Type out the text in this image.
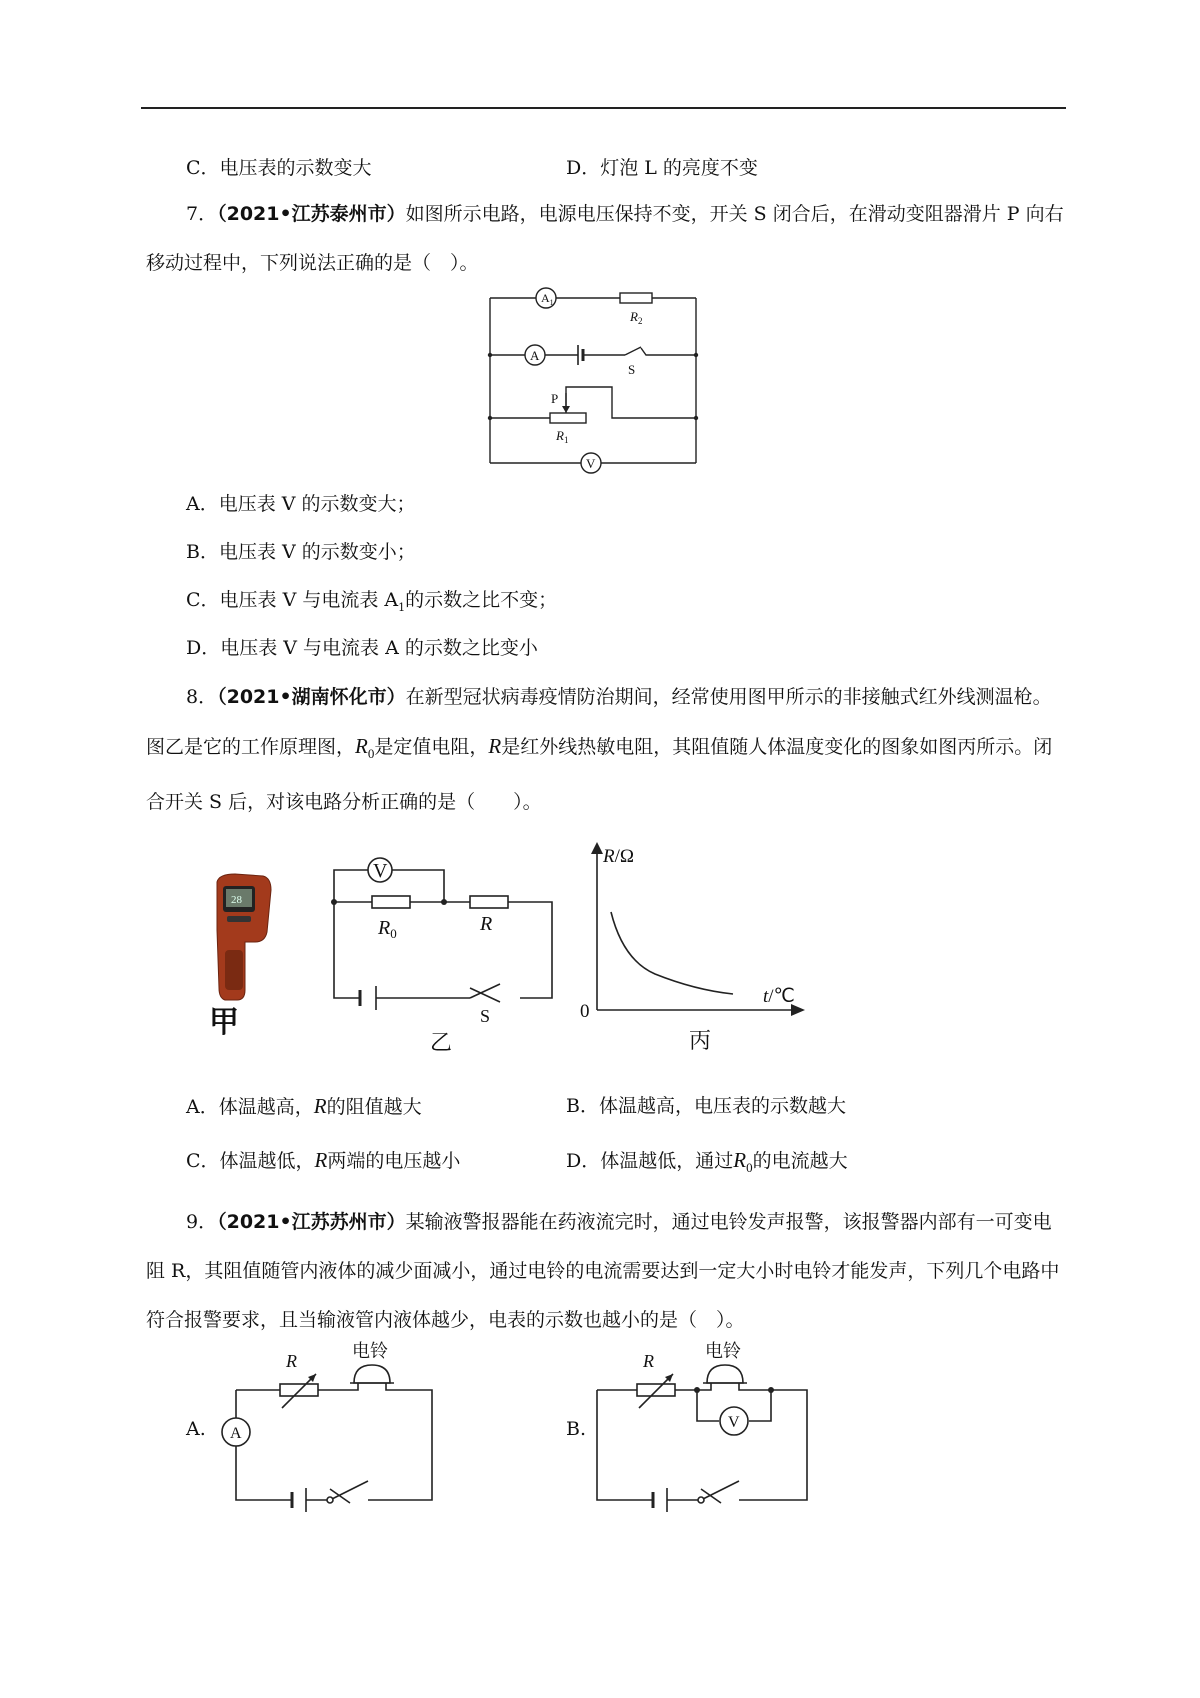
C．电压表的示数变大	D．灯泡 L 的亮度不变
7．（2021•江苏泰州市）如图所示电路，电源电压保持不变，开关 S 闭合后，在滑动变阻器滑片 P 向右移动过程中，下列说法正确的是（　）。
$A_1$
A
V
$R_2$
S
P
$R_1$
A．电压表 V 的示数变大；
B．电压表 V 的示数变小；
C．电压表 V 与电流表 $A_1$的示数之比不变；
D．电压表 V 与电流表 A 的示数之比变小
8．（2021•湖南怀化市）在新型冠状病毒疫情防治期间，经常使用图甲所示的非接触式红外线测温枪。图乙是它的工作原理图，$R_0$是定值电阻，R是红外线热敏电阻，其阻值随人体温度变化的图象如图丙所示。闭合开关 S 后，对该电路分析正确的是（　　）。
28
甲
V
$R_0$	R
S
乙
R/Ω
t/℃
0
丙
A．体温越高，R的阻值越大	B．体温越高，电压表的示数越大
C．体温越低，R两端的电压越小	D．体温越低，通过$R_0$的电流越大
9．（2021•江苏苏州市）某输液警报器能在药液流完时，通过电铃发声报警，该报警器内部有一可变电阻 R，其阻值随管内液体的减少面减小，通过电铃的电流需要达到一定大小时电铃才能发声，下列几个电路中符合报警要求，且当输液管内液体越少，电表的示数也越小的是（　）。
A.
R	电铃
A	B.
R	电铃
V
